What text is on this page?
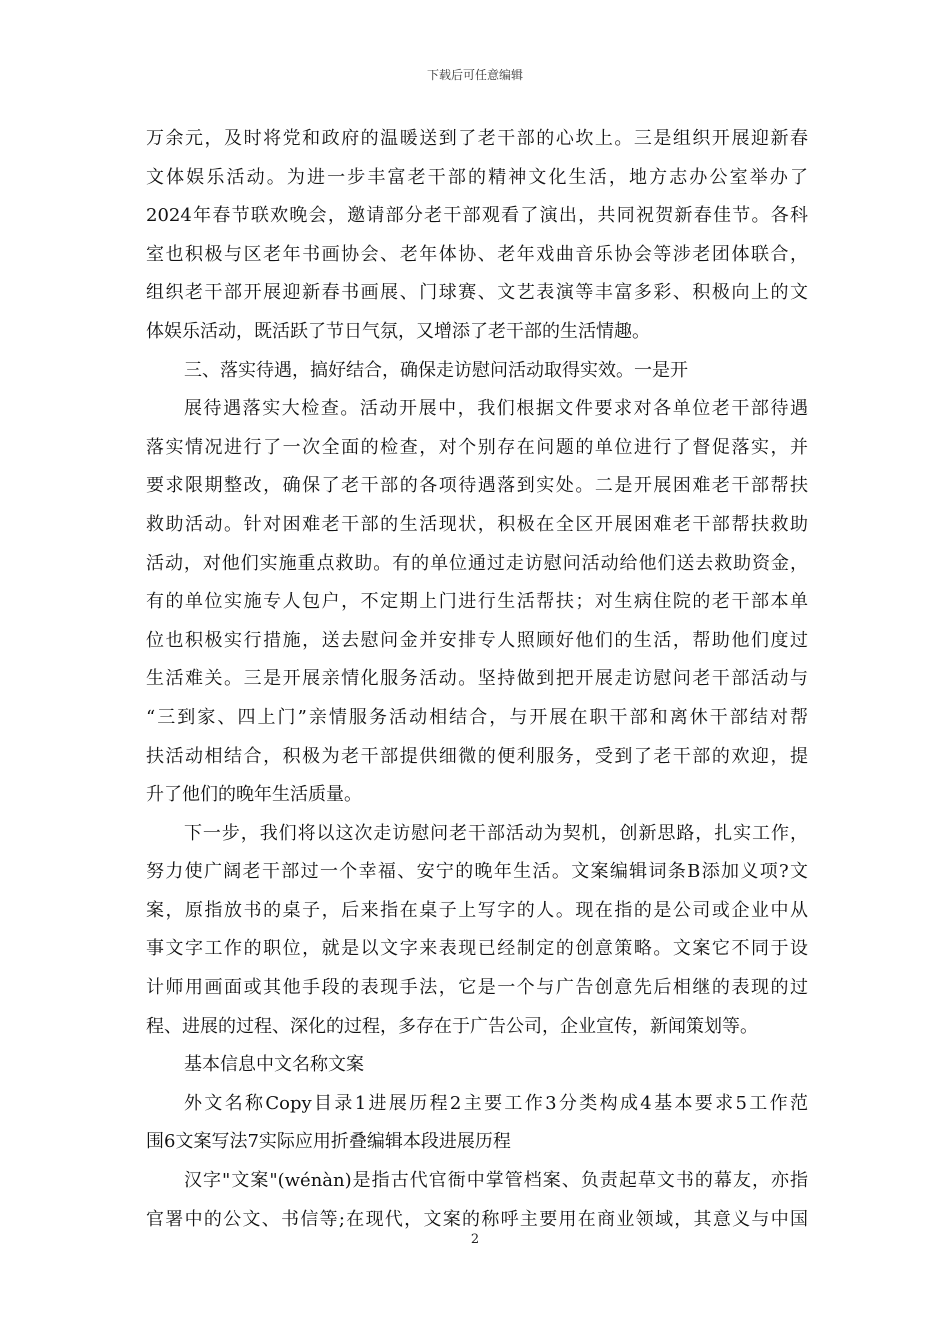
下载后可任意编辑
万余元，及时将党和政府的温暖送到了老干部的心坎上。三是组织开展迎新春
文体娱乐活动。为进一步丰富老干部的精神文化生活，地方志办公室举办了
2024年春节联欢晚会，邀请部分老干部观看了演出，共同祝贺新春佳节。各科
室也积极与区老年书画协会、老年体协、老年戏曲音乐协会等涉老团体联合，
组织老干部开展迎新春书画展、门球赛、文艺表演等丰富多彩、积极向上的文
体娱乐活动，既活跃了节日气氛，又增添了老干部的生活情趣。
三、落实待遇，搞好结合，确保走访慰问活动取得实效。一是开
展待遇落实大检查。活动开展中，我们根据文件要求对各单位老干部待遇
落实情况进行了一次全面的检查，对个别存在问题的单位进行了督促落实，并
要求限期整改，确保了老干部的各项待遇落到实处。二是开展困难老干部帮扶
救助活动。针对困难老干部的生活现状，积极在全区开展困难老干部帮扶救助
活动，对他们实施重点救助。有的单位通过走访慰问活动给他们送去救助资金，
有的单位实施专人包户，不定期上门进行生活帮扶；对生病住院的老干部本单
位也积极实行措施，送去慰问金并安排专人照顾好他们的生活，帮助他们度过
生活难关。三是开展亲情化服务活动。坚持做到把开展走访慰问老干部活动与
“三到家、四上门”亲情服务活动相结合，与开展在职干部和离休干部结对帮
扶活动相结合，积极为老干部提供细微的便利服务，受到了老干部的欢迎，提
升了他们的晚年生活质量。
下一步，我们将以这次走访慰问老干部活动为契机，创新思路，扎实工作，
努力使广阔老干部过一个幸福、安宁的晚年生活。文案编辑词条B添加义项?文
案，原指放书的桌子，后来指在桌子上写字的人。现在指的是公司或企业中从
事文字工作的职位，就是以文字来表现已经制定的创意策略。文案它不同于设
计师用画面或其他手段的表现手法，它是一个与广告创意先后相继的表现的过
程、进展的过程、深化的过程，多存在于广告公司，企业宣传，新闻策划等。
基本信息中文名称文案
外文名称Copy目录1进展历程2主要工作3分类构成4基本要求5工作范
围6文案写法7实际应用折叠编辑本段进展历程
汉字"文案"(wénàn)是指古代官衙中掌管档案、负责起草文书的幕友，亦指
官署中的公文、书信等;在现代，文案的称呼主要用在商业领域，其意义与中国
2
